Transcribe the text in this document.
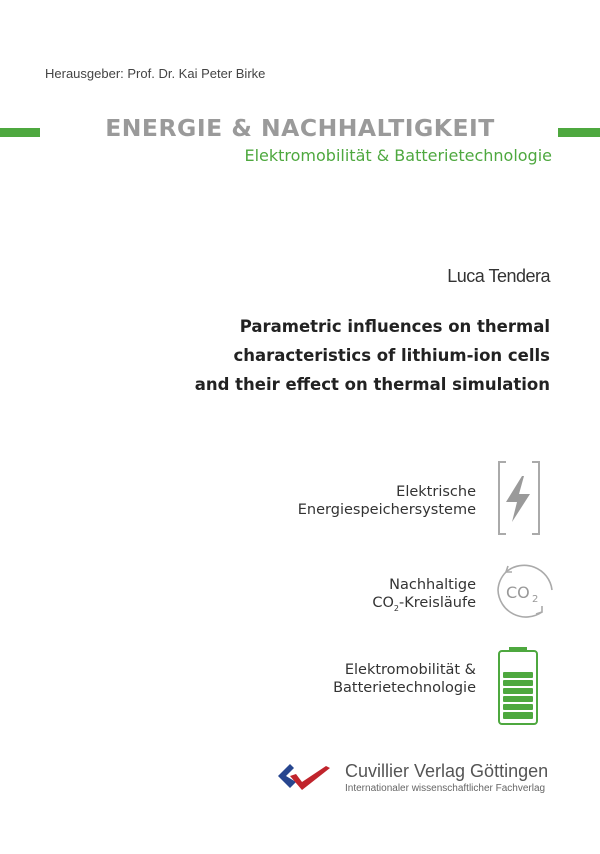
Herausgeber: Prof. Dr. Kai Peter Birke
ENERGIE & NACHHALTIGKEIT
Elektromobilität & Batterietechnologie
Luca Tendera
Parametric influences on thermal
characteristics of lithium-ion cells
and their effect on thermal simulation
Elektrische
Energiespeichersysteme
Nachhaltige
$CO_2$-Kreisläufe
CO 2
Elektromobilität &
Batterietechnologie
Cuvillier Verlag Göttingen
Internationaler wissenschaftlicher Fachverlag
